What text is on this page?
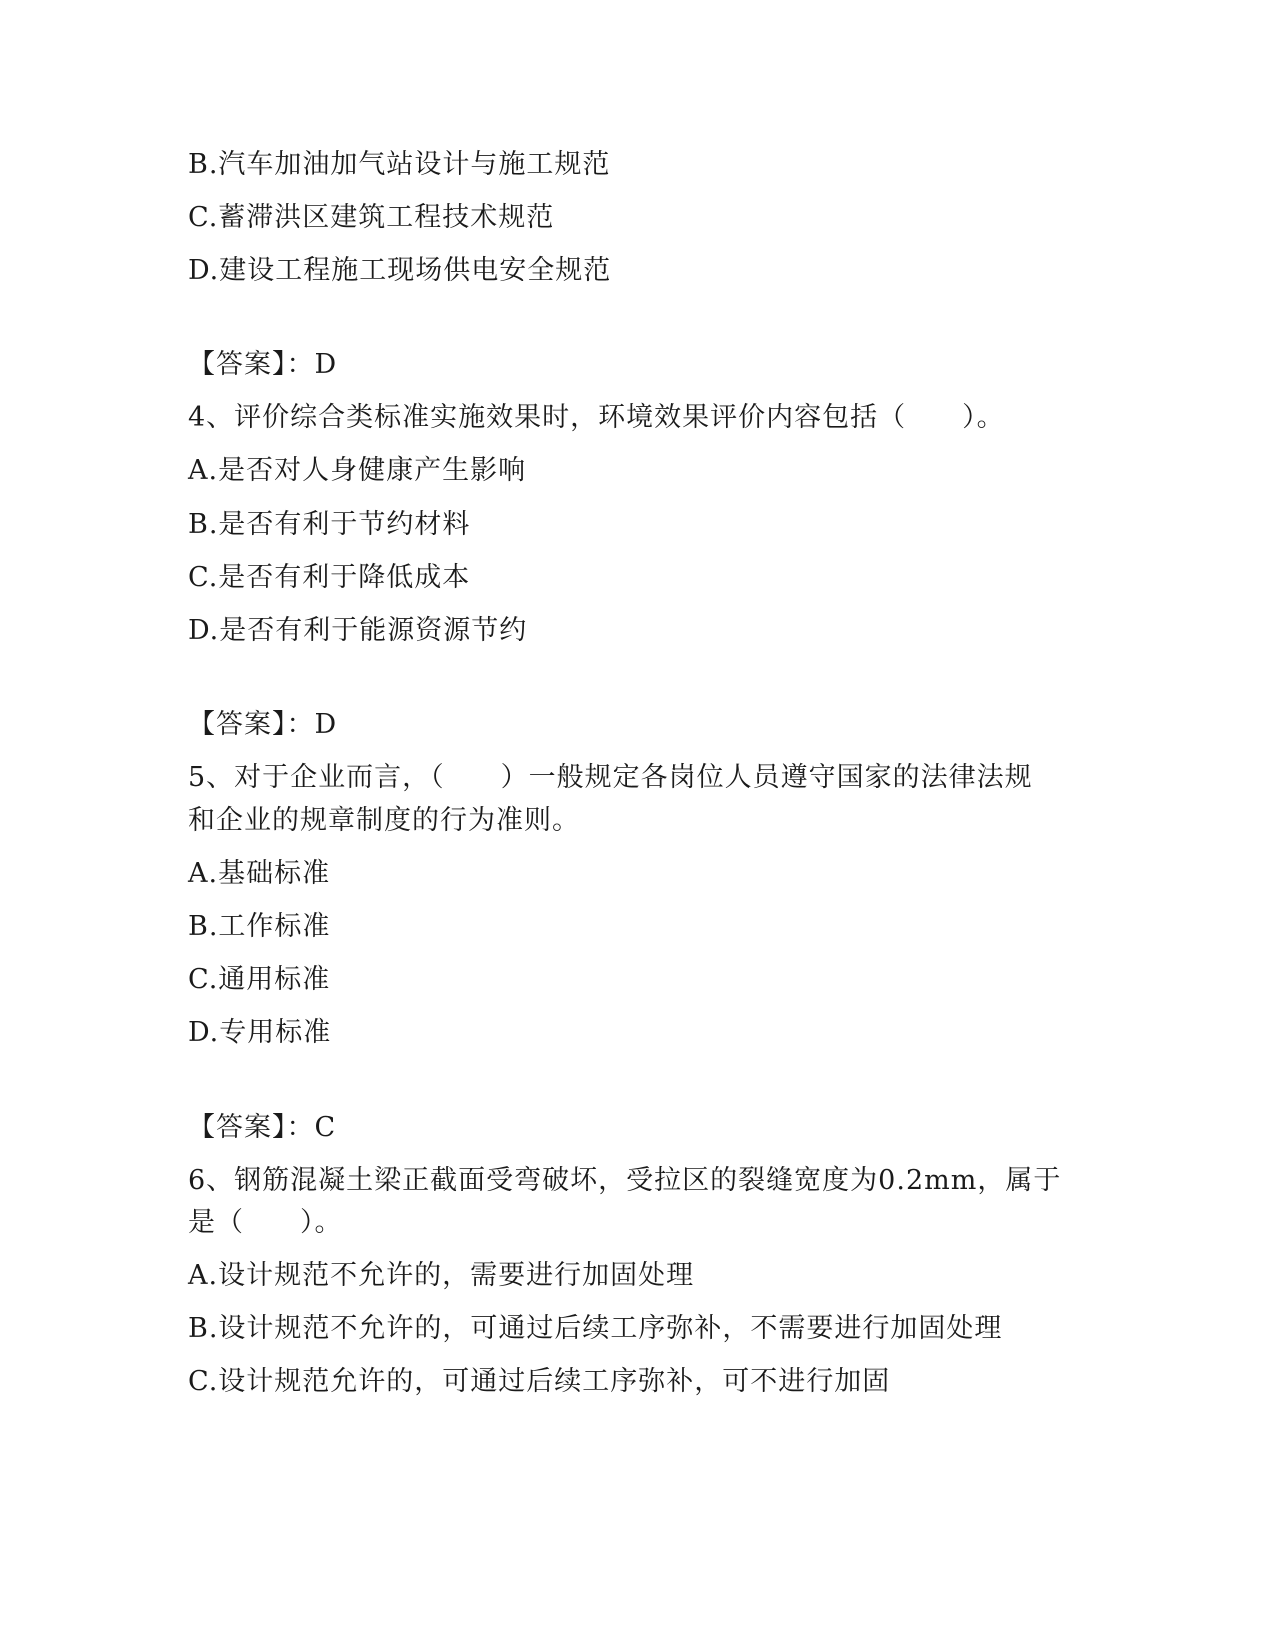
B.汽车加油加气站设计与施工规范
C.蓄滞洪区建筑工程技术规范
D.建设工程施工现场供电安全规范
【答案】：D
4、评价综合类标准实施效果时，环境效果评价内容包括（　　）。
A.是否对人身健康产生影响
B.是否有利于节约材料
C.是否有利于降低成本
D.是否有利于能源资源节约
【答案】：D
5、对于企业而言，（　　）一般规定各岗位人员遵守国家的法律法规
和企业的规章制度的行为准则。
A.基础标准
B.工作标准
C.通用标准
D.专用标准
【答案】：C
6、钢筋混凝土梁正截面受弯破坏，受拉区的裂缝宽度为0.2mm，属于
是（　　）。
A.设计规范不允许的，需要进行加固处理
B.设计规范不允许的，可通过后续工序弥补，不需要进行加固处理
C.设计规范允许的，可通过后续工序弥补，可不进行加固
